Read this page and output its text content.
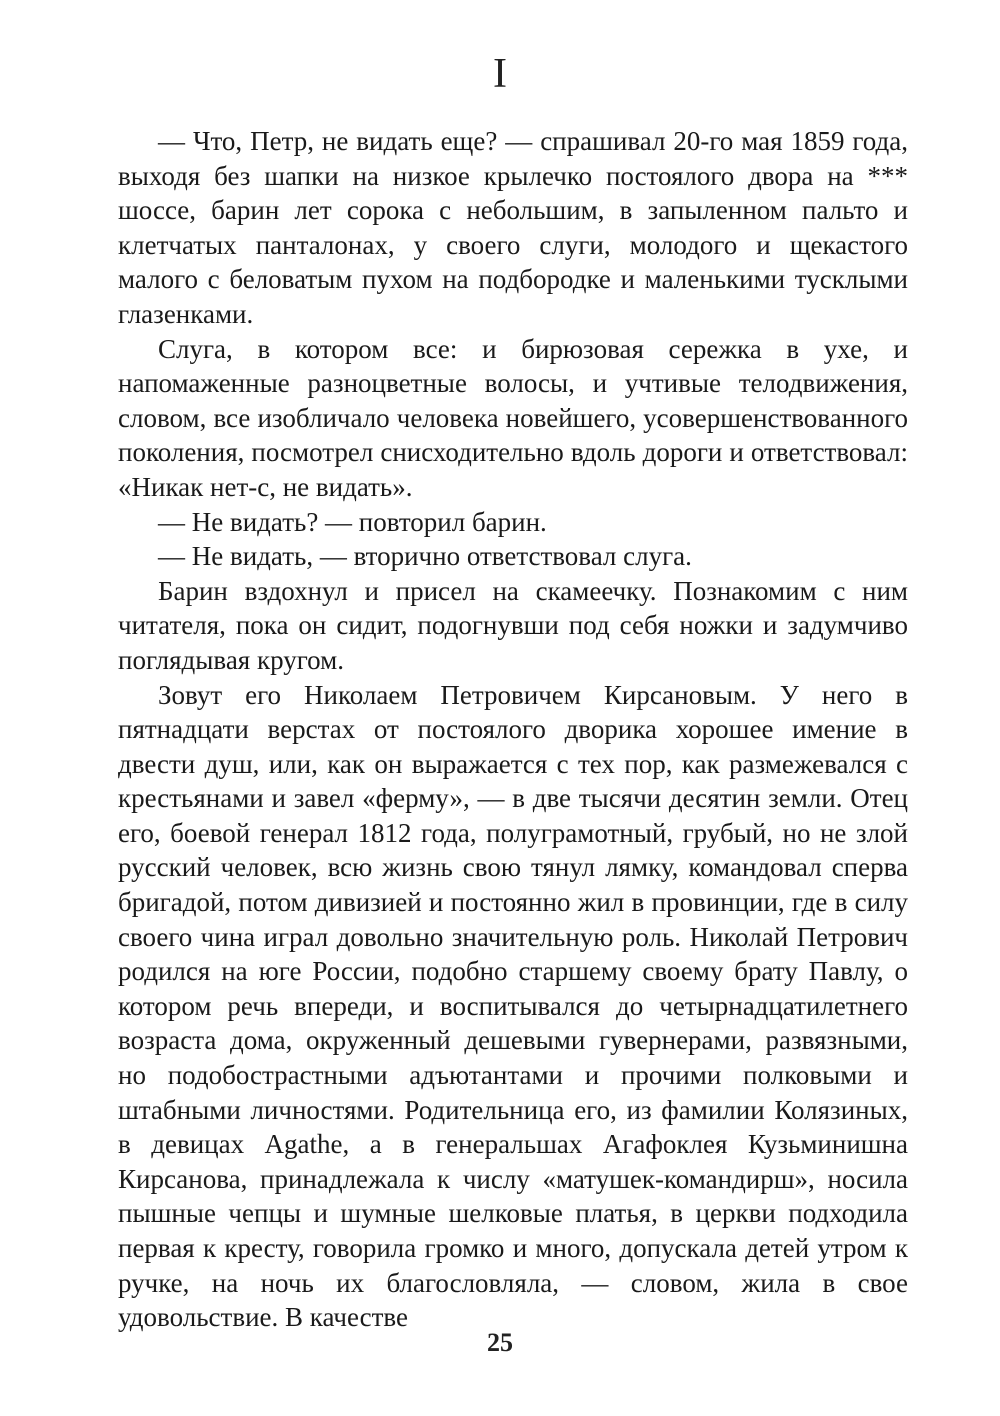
I

— Что, Петр, не видать еще? — спрашивал 20-го мая 1859 года, выходя без шапки на низкое крылечко постоялого двора на *** шоссе, барин лет сорока с небольшим, в запыленном пальто и клетчатых панталонах, у своего слуги, молодого и щекастого малого с беловатым пухом на подбородке и маленькими тусклыми глазенками.

Слуга, в котором все: и бирюзовая сережка в ухе, и напомаженные разноцветные волосы, и учтивые телодвижения, словом, все изобличало человека новейшего, усовершенствованного поколения, посмотрел снисходительно вдоль дороги и ответствовал: «Никак нет-с, не видать».

— Не видать? — повторил барин.

— Не видать, — вторично ответствовал слуга.

Барин вздохнул и присел на скамеечку. Познакомим с ним читателя, пока он сидит, подогнувши под себя ножки и задумчиво поглядывая кругом.

Зовут его Николаем Петровичем Кирсановым. У него в пятнадцати верстах от постоялого дворика хорошее имение в двести душ, или, как он выражается с тех пор, как размежевался с крестьянами и завел «ферму», — в две тысячи десятин земли. Отец его, боевой генерал 1812 года, полуграмотный, грубый, но не злой русский человек, всю жизнь свою тянул лямку, командовал сперва бригадой, потом дивизией и постоянно жил в провинции, где в силу своего чина играл довольно значительную роль. Николай Петрович родился на юге России, подобно старшему своему брату Павлу, о котором речь впереди, и воспитывался до четырнадцатилетнего возраста дома, окруженный дешевыми гувернерами, развязными, но подобострастными адъютантами и прочими полковыми и штабными личностями. Родительница его, из фамилии Колязиных, в девицах Agathe, а в генеральшах Агафоклея Кузьминишна Кирсанова, принадлежала к числу «матушек-командирш», носила пышные чепцы и шумные шелковые платья, в церкви подходила первая к кресту, говорила громко и много, допускала детей утром к ручке, на ночь их благословляла, — словом, жила в свое удовольствие. В качестве

25
